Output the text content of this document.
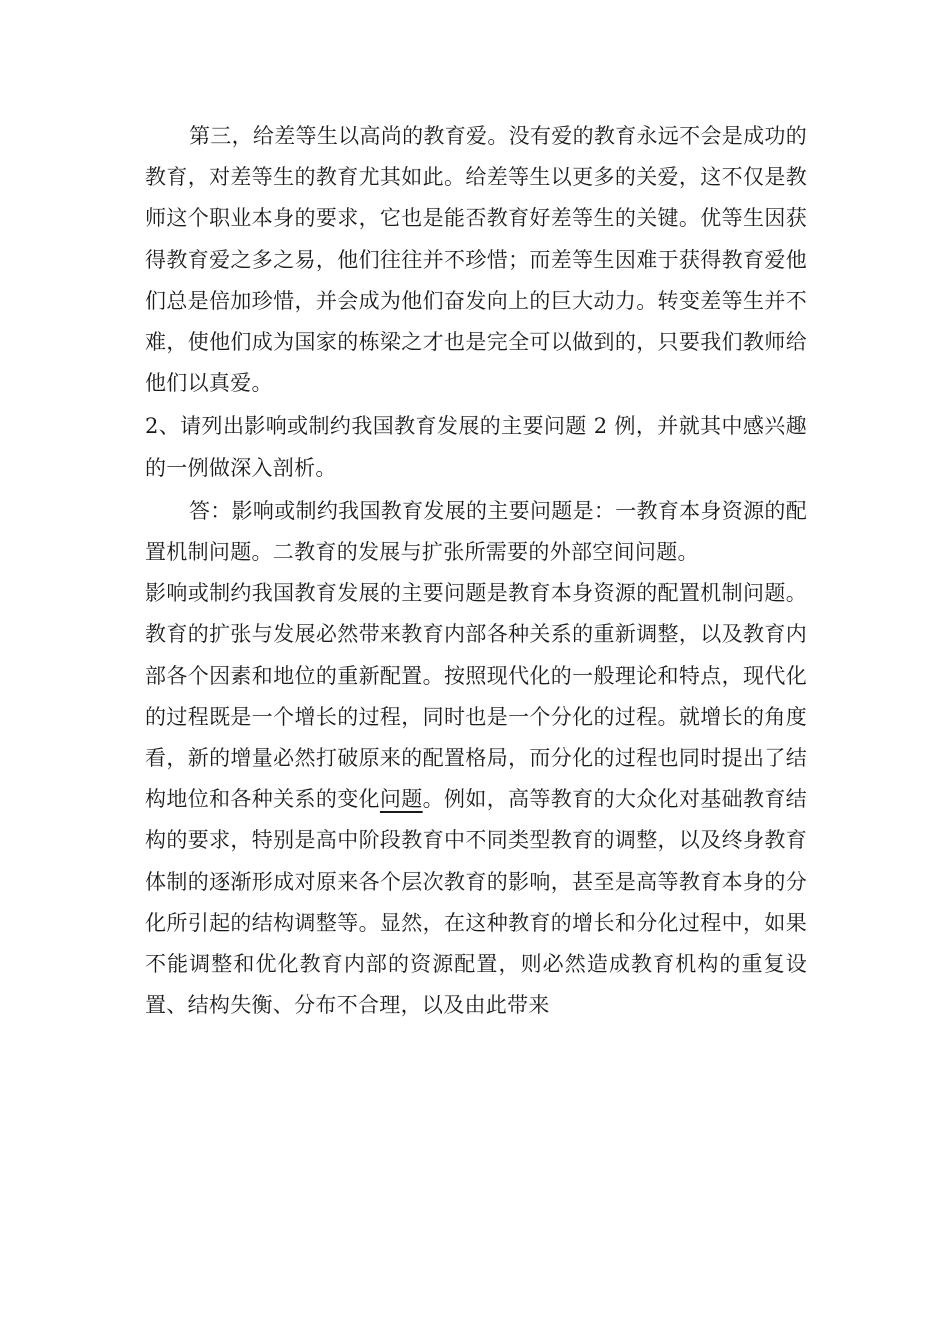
第三，给差等生以高尚的教育爱。没有爱的教育永远不会是成功的教育，对差等生的教育尤其如此。给差等生以更多的关爱，这不仅是教师这个职业本身的要求，它也是能否教育好差等生的关键。优等生因获得教育爱之多之易，他们往往并不珍惜；而差等生因难于获得教育爱他们总是倍加珍惜，并会成为他们奋发向上的巨大动力。转变差等生并不难，使他们成为国家的栋梁之才也是完全可以做到的，只要我们教师给他们以真爱。

2、请列出影响或制约我国教育发展的主要问题 2 例，并就其中感兴趣的一例做深入剖析。

答：影响或制约我国教育发展的主要问题是：一教育本身资源的配置机制问题。二教育的发展与扩张所需要的外部空间问题。

影响或制约我国教育发展的主要问题是教育本身资源的配置机制问题。教育的扩张与发展必然带来教育内部各种关系的重新调整，以及教育内部各个因素和地位的重新配置。按照现代化的一般理论和特点，现代化的过程既是一个增长的过程，同时也是一个分化的过程。就增长的角度看，新的增量必然打破原来的配置格局，而分化的过程也同时提出了结构地位和各种关系的变化问题。例如，高等教育的大众化对基础教育结构的要求，特别是高中阶段教育中不同类型教育的调整，以及终身教育体制的逐渐形成对原来各个层次教育的影响，甚至是高等教育本身的分化所引起的结构调整等。显然，在这种教育的增长和分化过程中，如果不能调整和优化教育内部的资源配置，则必然造成教育机构的重复设置、结构失衡、分布不合理，以及由此带来
